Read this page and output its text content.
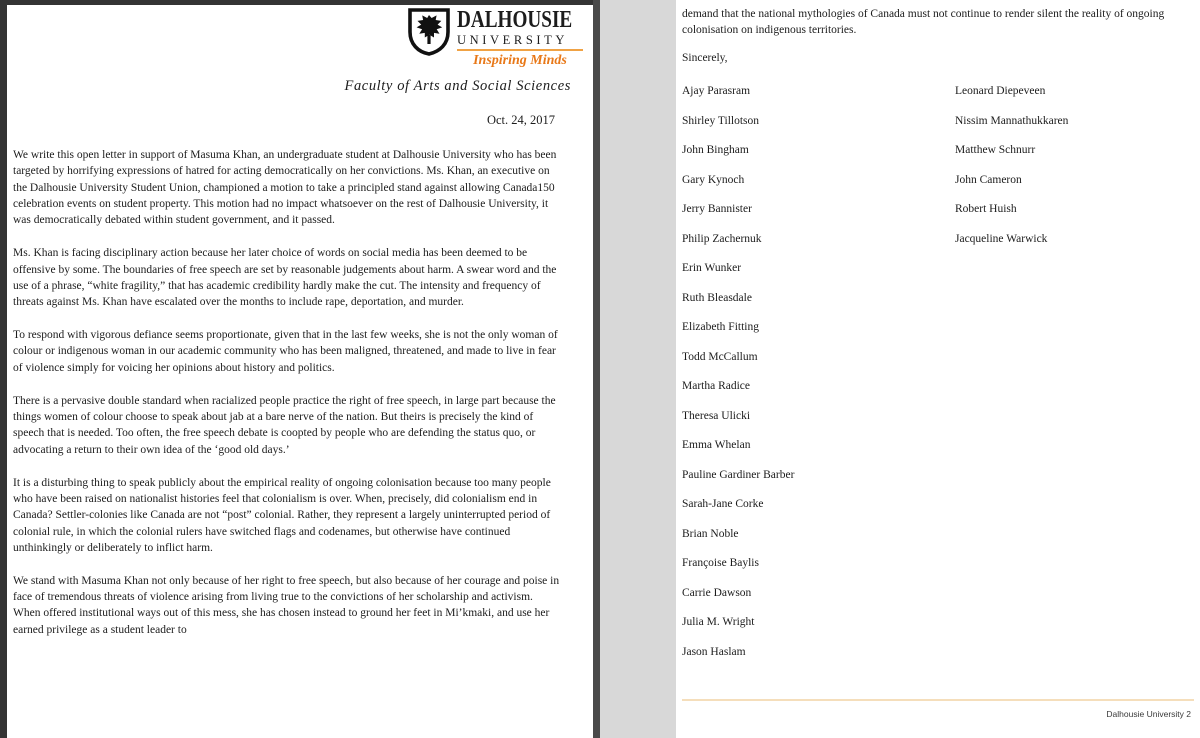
DALHOUSIE
UNIVERSITY
Inspiring Minds
Faculty of Arts and Social Sciences
Oct. 24, 2017

We write this open letter in support of Masuma Khan, an undergraduate student at Dalhousie University who has been targeted by horrifying expressions of hatred for acting democratically on her convictions. Ms. Khan, an executive on the Dalhousie University Student Union, championed a motion to take a principled stand against allowing Canada150 celebration events on student property. This motion had no impact whatsoever on the rest of Dalhousie University, it was democratically debated within student government, and it passed.

Ms. Khan is facing disciplinary action because her later choice of words on social media has been deemed to be offensive by some. The boundaries of free speech are set by reasonable judgements about harm. A swear word and the use of a phrase, “white fragility,” that has academic credibility hardly make the cut. The intensity and frequency of threats against Ms. Khan have escalated over the months to include rape, deportation, and murder.

To respond with vigorous defiance seems proportionate, given that in the last few weeks, she is not the only woman of colour or indigenous woman in our academic community who has been maligned, threatened, and made to live in fear of violence simply for voicing her opinions about history and politics.

There is a pervasive double standard when racialized people practice the right of free speech, in large part because the things women of colour choose to speak about jab at a bare nerve of the nation. But theirs is precisely the kind of speech that is needed. Too often, the free speech debate is coopted by people who are defending the status quo, or advocating a return to their own idea of the ‘good old days.’

It is a disturbing thing to speak publicly about the empirical reality of ongoing colonisation because too many people who have been raised on nationalist histories feel that colonialism is over. When, precisely, did colonialism end in Canada? Settler-colonies like Canada are not “post” colonial. Rather, they represent a largely uninterrupted period of colonial rule, in which the colonial rulers have switched flags and codenames, but otherwise have continued unthinkingly or deliberately to inflict harm.

We stand with Masuma Khan not only because of her right to free speech, but also because of her courage and poise in face of tremendous threats of violence arising from living true to the convictions of her scholarship and activism. When offered institutional ways out of this mess, she has chosen instead to ground her feet in Mi’kmaki, and use her earned privilege as a student leader to

demand that the national mythologies of Canada must not continue to render silent the reality of ongoing colonisation on indigenous territories.

Sincerely,
Ajay Parasram
Shirley Tillotson
John Bingham
Gary Kynoch
Jerry Bannister
Philip Zachernuk
Erin Wunker
Ruth Bleasdale
Elizabeth Fitting
Todd McCallum
Martha Radice
Theresa Ulicki
Emma Whelan
Pauline Gardiner Barber
Sarah-Jane Corke
Brian Noble
Françoise Baylis
Carrie Dawson
Julia M. Wright
Jason Haslam
Leonard Diepeveen
Nissim Mannathukkaren
Matthew Schnurr
John Cameron
Robert Huish
Jacqueline Warwick
Dalhousie University 2
